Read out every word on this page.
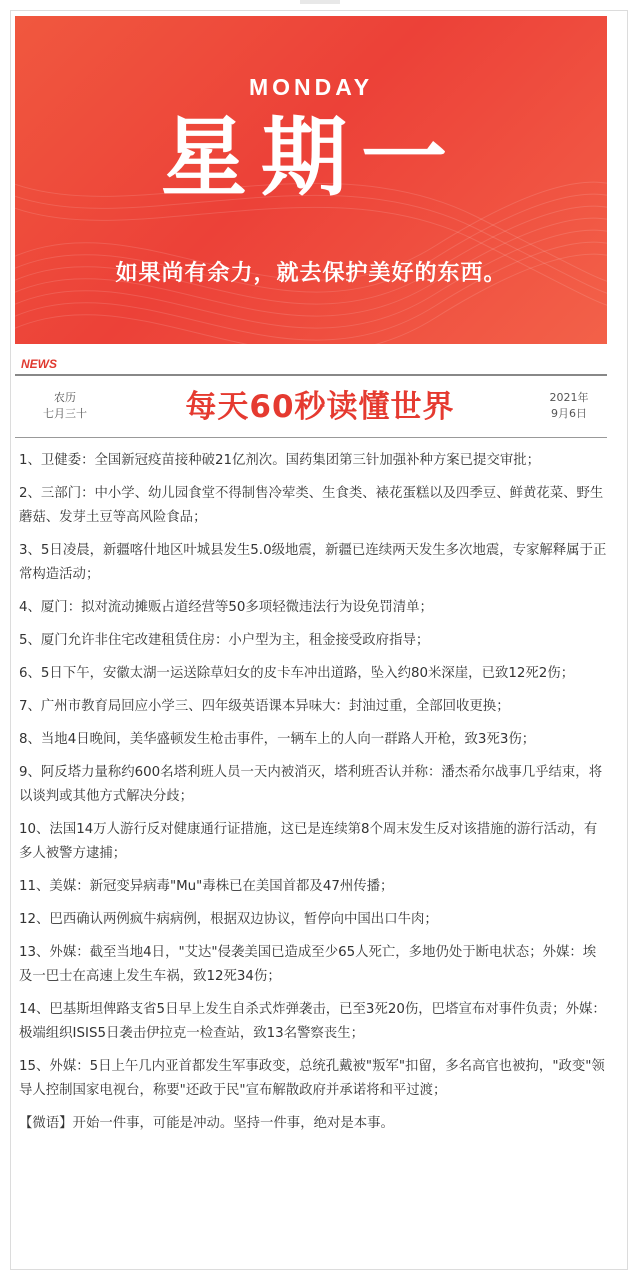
MONDAY
星期一
如果尚有余力，就去保护美好的东西。
NEWS
农历
七月三十	每天60秒读懂世界	2021年
9月6日
1、卫健委：全国新冠疫苗接种破21亿剂次。国药集团第三针加强补种方案已提交审批；
2、三部门：中小学、幼儿园食堂不得制售冷荤类、生食类、裱花蛋糕以及四季豆、鲜黄花菜、野生蘑菇、发芽土豆等高风险食品；
3、5日凌晨，新疆喀什地区叶城县发生5.0级地震，新疆已连续两天发生多次地震，专家解释属于正常构造活动；
4、厦门：拟对流动摊贩占道经营等50多项轻微违法行为设免罚清单；
5、厦门允许非住宅改建租赁住房：小户型为主，租金接受政府指导；
6、5日下午，安徽太湖一运送除草妇女的皮卡车冲出道路，坠入约80米深崖，已致12死2伤；
7、广州市教育局回应小学三、四年级英语课本异味大：封油过重，全部回收更换；
8、当地4日晚间，美华盛顿发生枪击事件，一辆车上的人向一群路人开枪，致3死3伤；
9、阿反塔力量称约600名塔利班人员一天内被消灭，塔利班否认并称：潘杰希尔战事几乎结束，将以谈判或其他方式解决分歧；
10、法国14万人游行反对健康通行证措施，这已是连续第8个周末发生反对该措施的游行活动，有多人被警方逮捕；
11、美媒：新冠变异病毒"Mu"毒株已在美国首都及47州传播；
12、巴西确认两例疯牛病病例，根据双边协议，暂停向中国出口牛肉；
13、外媒：截至当地4日，"艾达"侵袭美国已造成至少65人死亡，多地仍处于断电状态；外媒：埃及一巴士在高速上发生车祸，致12死34伤；
14、巴基斯坦俾路支省5日早上发生自杀式炸弹袭击，已至3死20伤，巴塔宣布对事件负责；外媒：极端组织ISIS5日袭击伊拉克一检查站，致13名警察丧生；
15、外媒：5日上午几内亚首都发生军事政变，总统孔戴被"叛军"扣留，多名高官也被拘，"政变"领导人控制国家电视台，称要"还政于民"宣布解散政府并承诺将和平过渡；
【微语】开始一件事，可能是冲动。坚持一件事，绝对是本事。
